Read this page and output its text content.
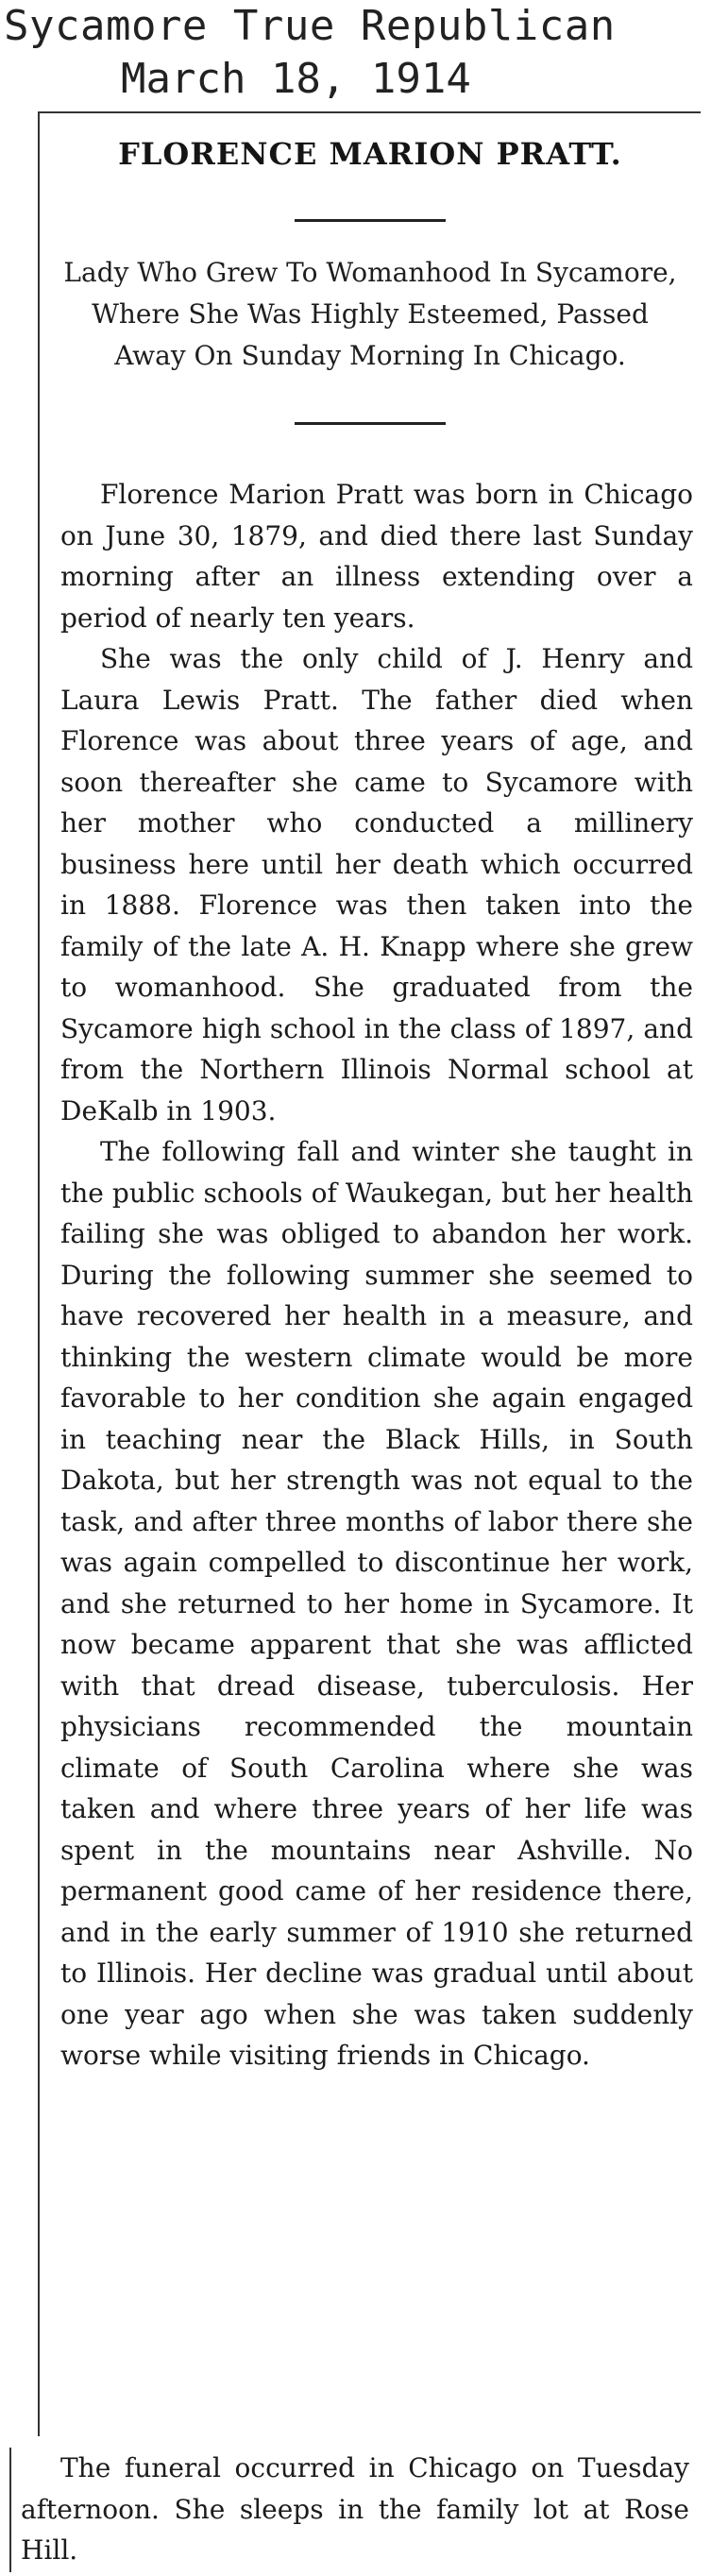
Sycamore True Republican
March 18, 1914
FLORENCE MARION PRATT.
Lady Who Grew To Womanhood In Sycamore, Where She Was Highly Esteemed, Passed Away On Sunday Morning In Chicago.

Florence Marion Pratt was born in Chicago on June 30, 1879, and died there last Sunday morning after an illness extending over a period of nearly ten years.

She was the only child of J. Henry and Laura Lewis Pratt. The father died when Florence was about three years of age, and soon thereafter she came to Sycamore with her mother who conducted a millinery business here until her death which occurred in 1888. Florence was then taken into the family of the late A. H. Knapp where she grew to womanhood. She graduated from the Sycamore high school in the class of 1897, and from the Northern Illinois Normal school at DeKalb in 1903.

The following fall and winter she taught in the public schools of Waukegan, but her health failing she was obliged to abandon her work. During the following summer she seemed to have recovered her health in a measure, and thinking the western climate would be more favorable to her condition she again engaged in teaching near the Black Hills, in South Dakota, but her strength was not equal to the task, and after three months of labor there she was again compelled to discontinue her work, and she returned to her home in Sycamore. It now became apparent that she was afflicted with that dread disease, tuberculosis. Her physicians recommended the mountain climate of South Carolina where she was taken and where three years of her life was spent in the mountains near Ashville. No permanent good came of her residence there, and in the early summer of 1910 she returned to Illinois. Her decline was gradual until about one year ago when she was taken suddenly worse while visiting friends in Chicago.

The funeral occurred in Chicago on Tuesday afternoon. She sleeps in the family lot at Rose Hill.
